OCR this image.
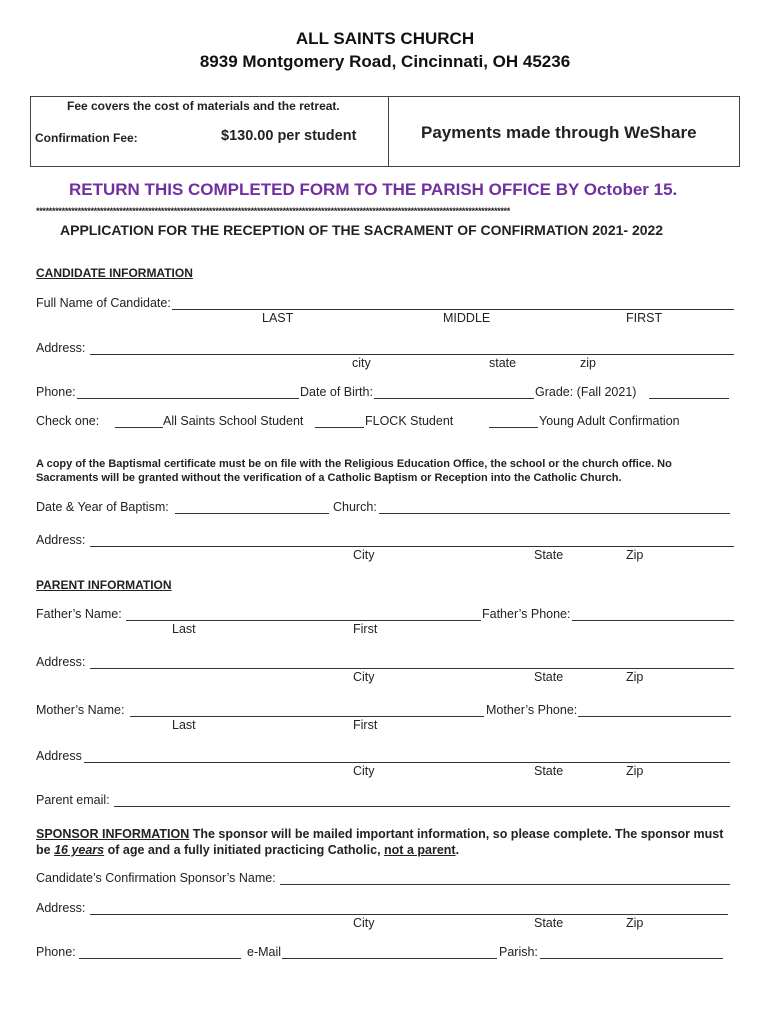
ALL SAINTS CHURCH
8939 Montgomery Road, Cincinnati, OH 45236
Fee covers the cost of materials and the retreat.
Confirmation Fee:	$130.00 per student	Payments made through WeShare
RETURN THIS COMPLETED FORM TO THE PARISH OFFICE BY October 15.
****************************************************************************************************************************************************
APPLICATION FOR THE RECEPTION OF THE SACRAMENT OF CONFIRMATION 2021- 2022
CANDIDATE INFORMATION
Full Name of Candidate:
LAST	MIDDLE	FIRST
Address:
city	state	zip
Phone:	Date of Birth:	Grade: (Fall 2021)
Check one:	All Saints School Student	FLOCK Student	Young Adult Confirmation
A copy of the Baptismal certificate must be on file with the Religious Education Office, the school or the church office. No Sacraments will be granted without the verification of a Catholic Baptism or Reception into the Catholic Church.
Date & Year of Baptism:	Church:
Address:
City	State	Zip
PARENT INFORMATION
Father’s Name:	Father’s Phone:
Last	First
Address:
City	State	Zip
Mother’s Name:	Mother’s Phone:
Last	First
Address
City	State	Zip
Parent email:
SPONSOR INFORMATION The sponsor will be mailed important information, so please complete. The sponsor must be 16 years of age and a fully initiated practicing Catholic, not a parent.
Candidate’s Confirmation Sponsor’s Name:
Address:
City	State	Zip
Phone:	e-Mail	Parish:
